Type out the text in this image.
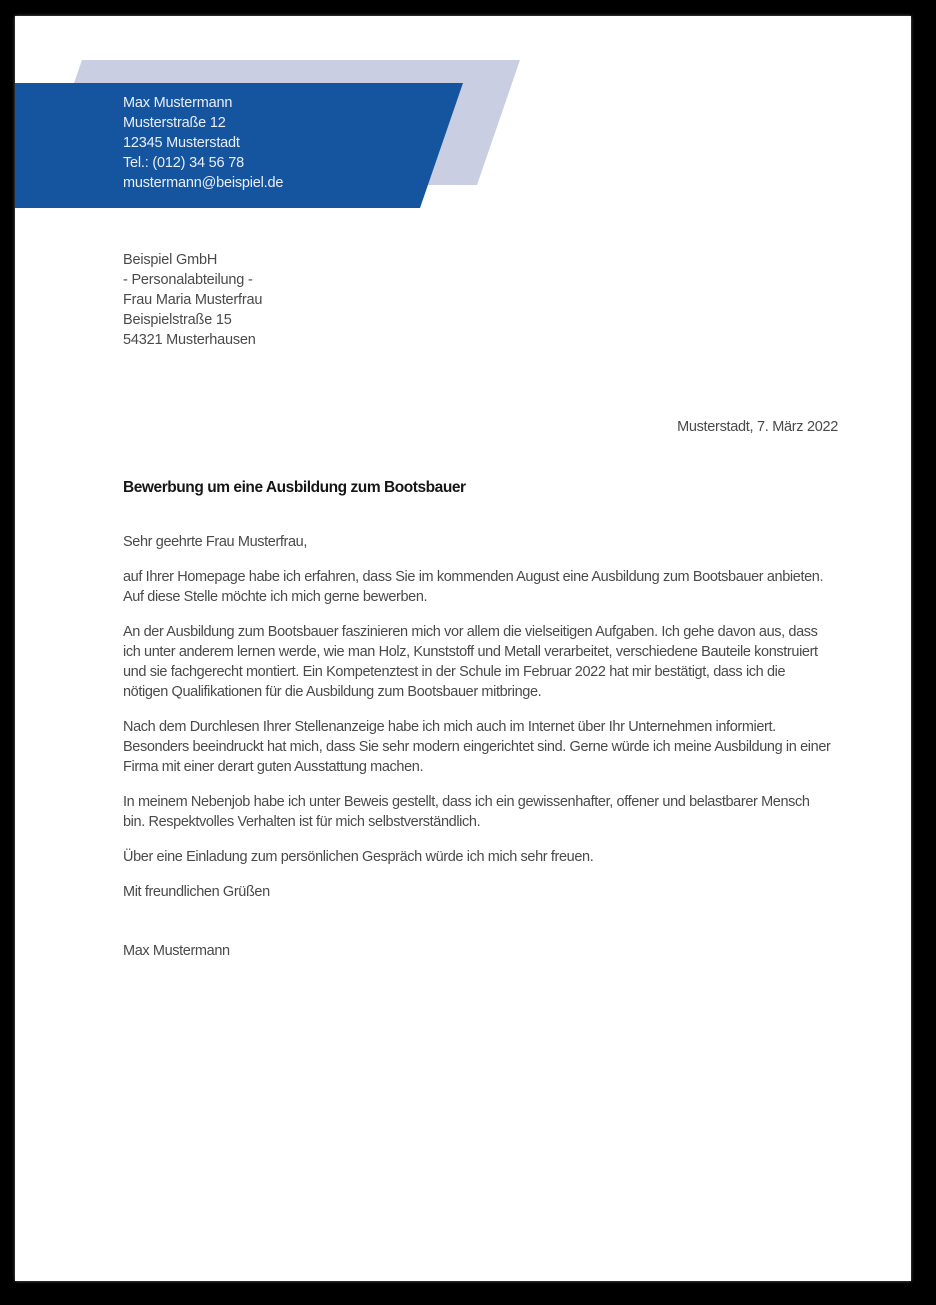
Max Mustermann
Musterstraße 12
12345 Musterstadt
Tel.: (012) 34 56 78
mustermann@beispiel.de
Beispiel GmbH
- Personalabteilung -
Frau Maria Musterfrau
Beispielstraße 15
54321 Musterhausen
Musterstadt, 7. März 2022
Bewerbung um eine Ausbildung zum Bootsbauer

Sehr geehrte Frau Musterfrau,

auf Ihrer Homepage habe ich erfahren, dass Sie im kommenden August eine Ausbildung zum Bootsbauer anbieten. Auf diese Stelle möchte ich mich gerne bewerben.

An der Ausbildung zum Bootsbauer faszinieren mich vor allem die vielseitigen Aufgaben. Ich gehe davon aus, dass ich unter anderem lernen werde, wie man Holz, Kunststoff und Metall verarbeitet, verschiedene Bauteile konstruiert und sie fachgerecht montiert. Ein Kompetenztest in der Schule im Februar 2022 hat mir bestätigt, dass ich die nötigen Qualifikationen für die Ausbildung zum Bootsbauer mitbringe.

Nach dem Durchlesen Ihrer Stellenanzeige habe ich mich auch im Internet über Ihr Unternehmen informiert. Besonders beeindruckt hat mich, dass Sie sehr modern eingerichtet sind. Gerne würde ich meine Ausbildung in einer Firma mit einer derart guten Ausstattung machen.

In meinem Nebenjob habe ich unter Beweis gestellt, dass ich ein gewissenhafter, offener und belastbarer Mensch bin. Respektvolles Verhalten ist für mich selbstverständlich.

Über eine Einladung zum persönlichen Gespräch würde ich mich sehr freuen.

Mit freundlichen Grüßen

Max Mustermann
